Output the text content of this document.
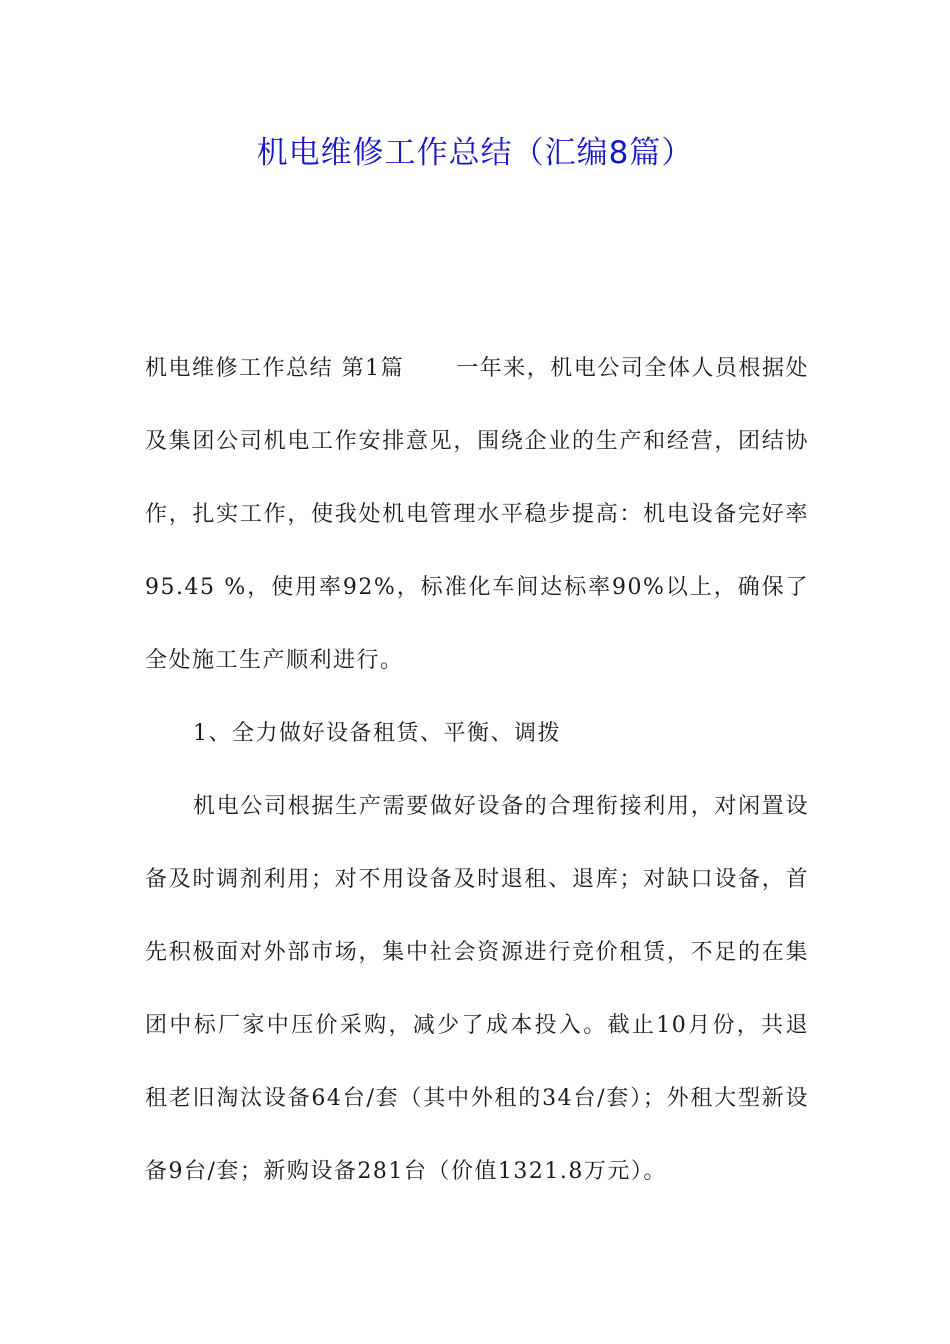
机电维修工作总结（汇编8篇）

机电维修工作总结 第1篇 一年来，机电公司全体人员根据处及集团公司机电工作安排意见，围绕企业的生产和经营，团结协作，扎实工作，使我处机电管理水平稳步提高：机电设备完好率95.45 %，使用率92%，标准化车间达标率90%以上，确保了全处施工生产顺利进行。

1、全力做好设备租赁、平衡、调拨

机电公司根据生产需要做好设备的合理衔接利用，对闲置设备及时调剂利用；对不用设备及时退租、退库；对缺口设备，首先积极面对外部市场，集中社会资源进行竞价租赁，不足的在集团中标厂家中压价采购，减少了成本投入。截止10月份，共退租老旧淘汰设备64台/套（其中外租的34台/套）；外租大型新设备9台/套；新购设备281台（价值1321.8万元）。
